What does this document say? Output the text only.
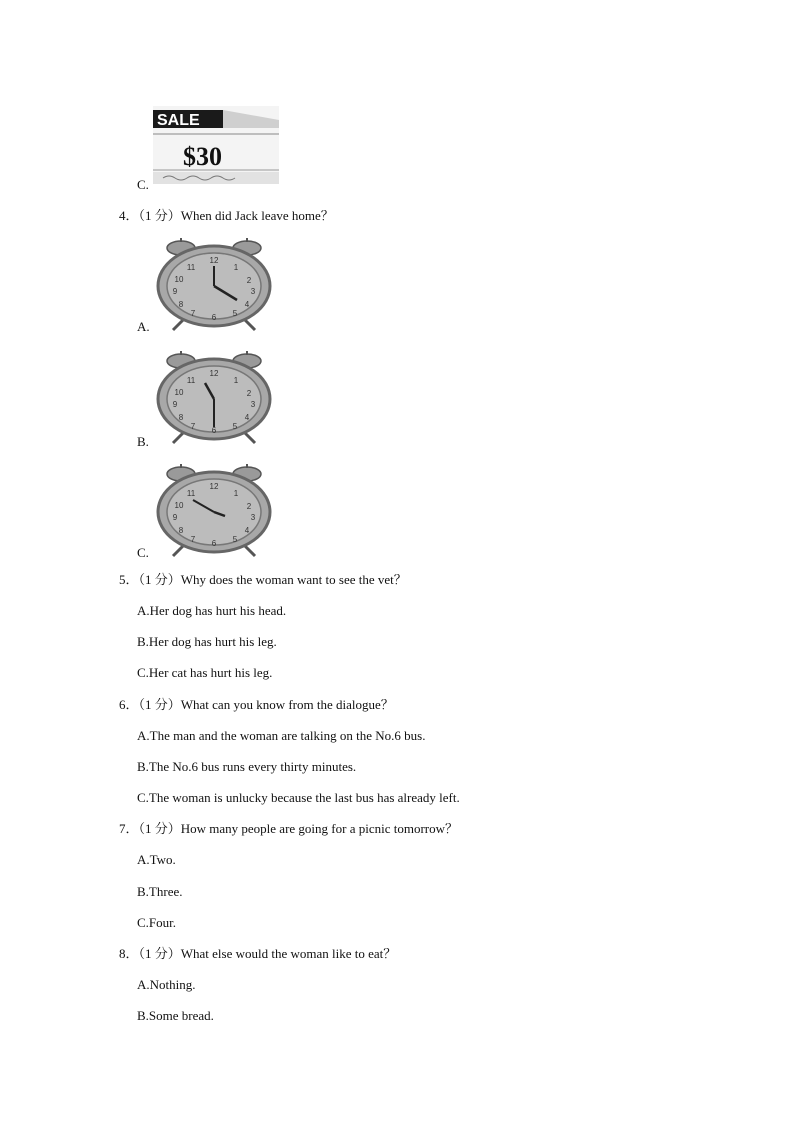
SALE
$30
C.
4．（1 分）When did Jack leave home？
12
1
2
3
4
5
6
7
8
9
10
11
A.
12
1
2
3
4
5
6
7
8
9
10
11
B.
12
1
2
3
4
5
6
7
8
9
10
11
C.
5．（1 分）Why does the woman want to see the vet？
A.Her dog has hurt his head.
B.Her dog has hurt his leg.
C.Her cat has hurt his leg.
6．（1 分）What can you know from the dialogue？
A.The man and the woman are talking on the No.6 bus.
B.The No.6 bus runs every thirty minutes.
C.The woman is unlucky because the last bus has already left.
7．（1 分）How many people are going for a picnic tomorrow？
A.Two.
B.Three.
C.Four.
8．（1 分）What else would the woman like to eat？
A.Nothing.
B.Some bread.
